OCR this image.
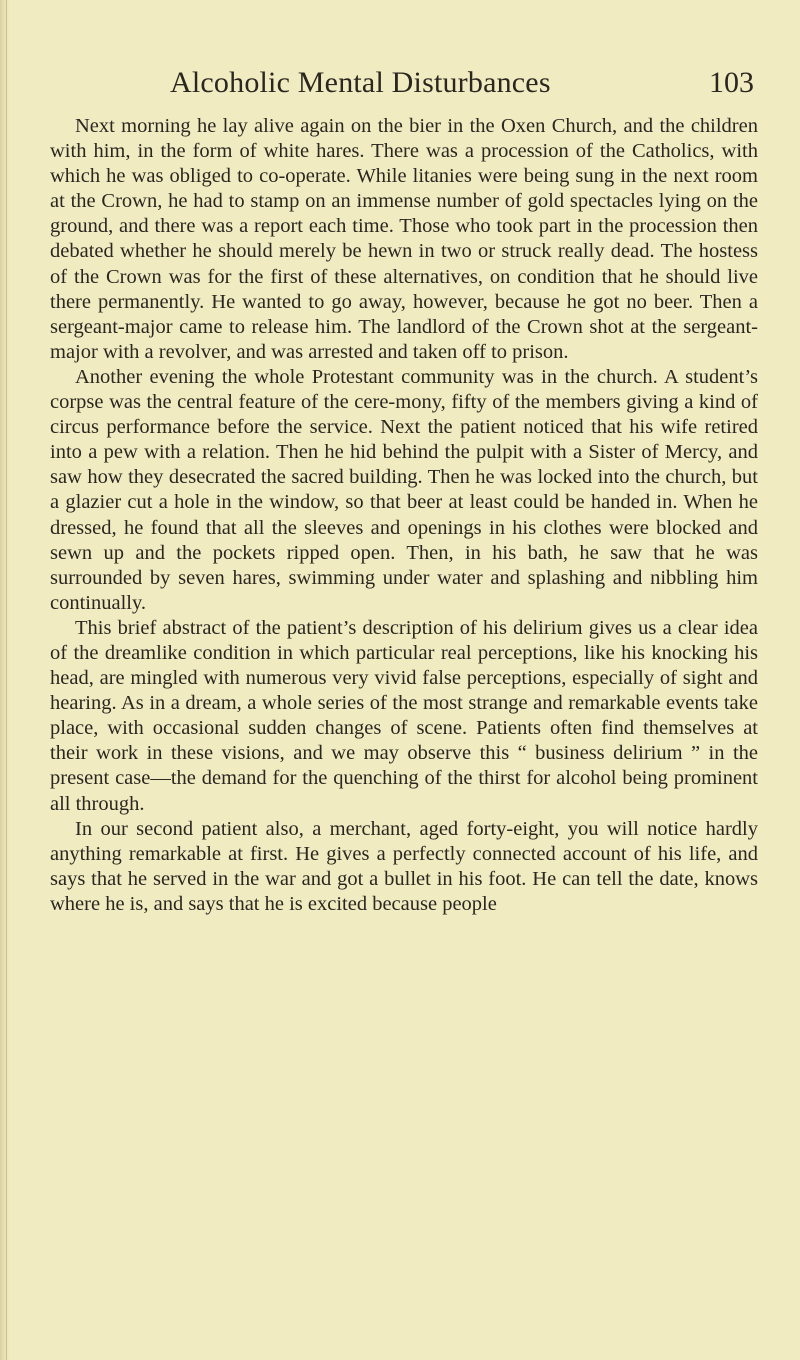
Alcoholic Mental Disturbances	103

Next morning he lay alive again on the bier in the Oxen Church, and the children with him, in the form of white hares. There was a procession of the Catholics, with which he was obliged to co-operate. While litanies were being sung in the next room at the Crown, he had to stamp on an immense number of gold spectacles lying on the ground, and there was a report each time. Those who took part in the procession then debated whether he should merely be hewn in two or struck really dead. The hostess of the Crown was for the first of these alternatives, on condition that he should live there permanently. He wanted to go away, however, because he got no beer. Then a sergeant-major came to release him. The landlord of the Crown shot at the sergeant-major with a revolver, and was arrested and taken off to prison.

Another evening the whole Protestant community was in the church. A student’s corpse was the central feature of the cere-mony, fifty of the members giving a kind of circus performance before the service. Next the patient noticed that his wife retired into a pew with a relation. Then he hid behind the pulpit with a Sister of Mercy, and saw how they desecrated the sacred building. Then he was locked into the church, but a glazier cut a hole in the window, so that beer at least could be handed in. When he dressed, he found that all the sleeves and openings in his clothes were blocked and sewn up and the pockets ripped open. Then, in his bath, he saw that he was surrounded by seven hares, swimming under water and splashing and nibbling him continually.

This brief abstract of the patient’s description of his delirium gives us a clear idea of the dreamlike condition in which particular real perceptions, like his knocking his head, are mingled with numerous very vivid false perceptions, especially of sight and hearing. As in a dream, a whole series of the most strange and remarkable events take place, with occasional sudden changes of scene. Patients often find themselves at their work in these visions, and we may observe this “ business delirium ” in the present case—the demand for the quenching of the thirst for alcohol being prominent all through.

In our second patient also, a merchant, aged forty-eight, you will notice hardly anything remarkable at first. He gives a perfectly connected account of his life, and says that he served in the war and got a bullet in his foot. He can tell the date, knows where he is, and says that he is excited because people
